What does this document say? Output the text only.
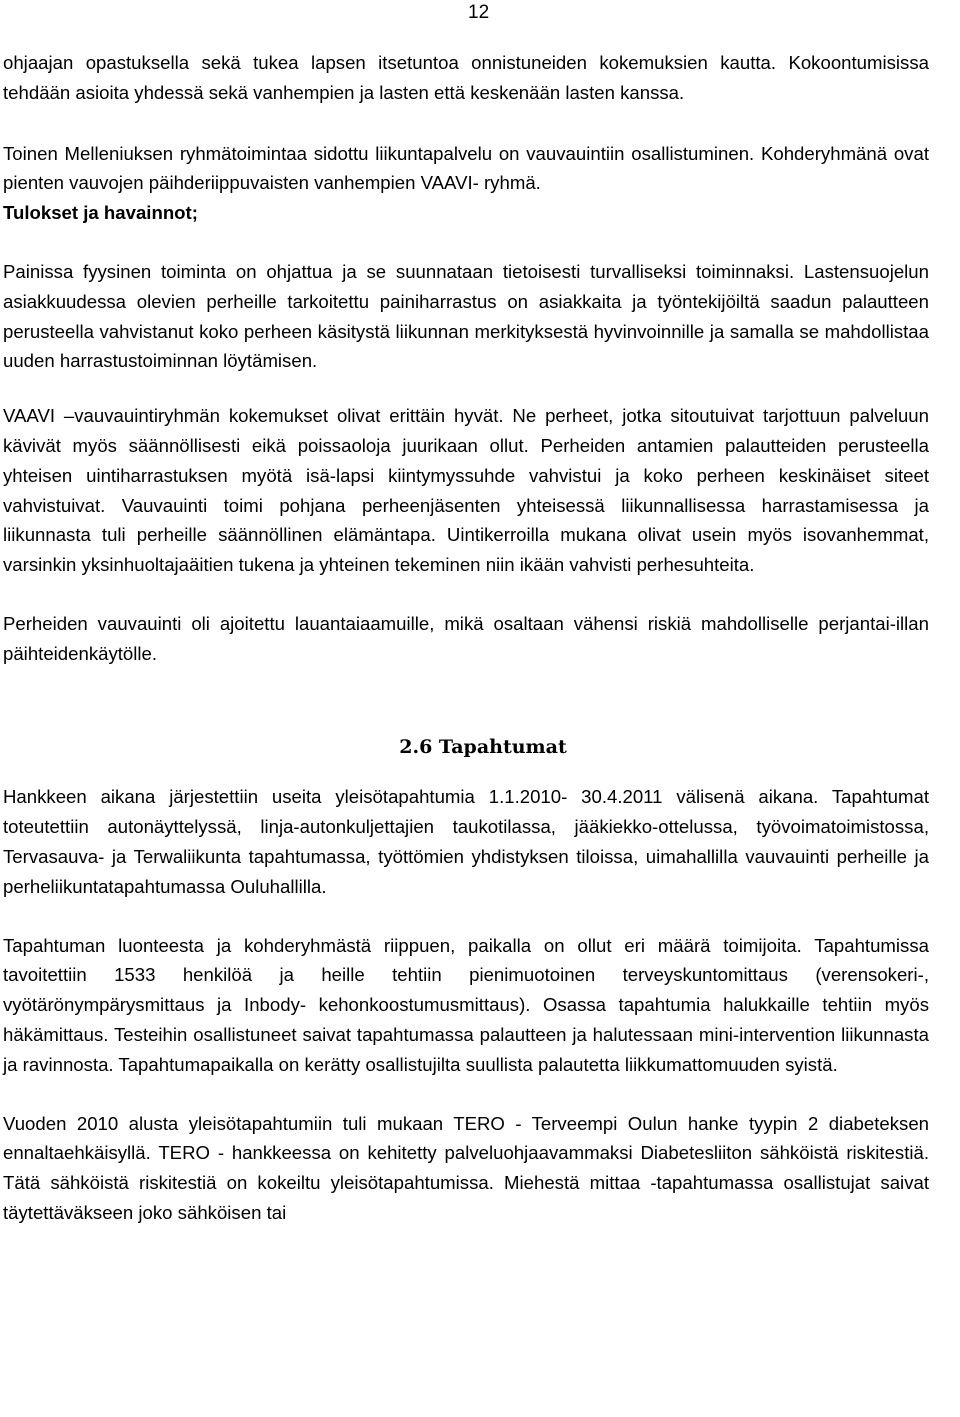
12

ohjaajan opastuksella sekä tukea lapsen itsetuntoa onnistuneiden kokemuksien kautta. Kokoontumisissa tehdään asioita yhdessä sekä vanhempien ja lasten että keskenään lasten kanssa.

Toinen Melleniuksen ryhmätoimintaa sidottu liikuntapalvelu on vauvauintiin osallistuminen. Kohderyhmänä ovat pienten vauvojen päihderiippuvaisten vanhempien VAAVI- ryhmä.

Tulokset ja havainnot;

Painissa fyysinen toiminta on ohjattua ja se suunnataan tietoisesti turvalliseksi toiminnaksi. Lastensuojelun asiakkuudessa olevien perheille tarkoitettu painiharrastus on asiakkaita ja työntekijöiltä saadun palautteen perusteella vahvistanut koko perheen käsitystä liikunnan merkityksestä hyvinvoinnille ja samalla se mahdollistaa uuden harrastustoiminnan löytämisen.

VAAVI –vauvauintiryhmän kokemukset olivat erittäin hyvät. Ne perheet, jotka sitoutuivat tarjottuun palveluun kävivät myös säännöllisesti eikä poissaoloja juurikaan ollut. Perheiden antamien palautteiden perusteella yhteisen uintiharrastuksen myötä isä-lapsi kiintymyssuhde vahvistui ja koko perheen keskinäiset siteet vahvistuivat. Vauvauinti toimi pohjana perheenjäsenten yhteisessä liikunnallisessa harrastamisessa ja liikunnasta tuli perheille säännöllinen elämäntapa. Uintikerroilla mukana olivat usein myös isovanhemmat, varsinkin yksinhuoltajaäitien tukena ja yhteinen tekeminen niin ikään vahvisti perhesuhteita.

Perheiden vauvauinti oli ajoitettu lauantaiaamuille, mikä osaltaan vähensi riskiä mahdolliselle perjantai-illan päihteidenkäytölle.

2.6 Tapahtumat

Hankkeen aikana järjestettiin useita yleisötapahtumia 1.1.2010- 30.4.2011 välisenä aikana. Tapahtumat toteutettiin autonäyttelyssä, linja-autonkuljettajien taukotilassa, jääkiekko-ottelussa, työvoimatoimistossa, Tervasauva- ja Terwaliikunta tapahtumassa, työttömien yhdistyksen tiloissa, uimahallilla vauvauinti perheille ja perheliikuntatapahtumassa Ouluhallilla.

Tapahtuman luonteesta ja kohderyhmästä riippuen, paikalla on ollut eri määrä toimijoita. Tapahtumissa tavoitettiin 1533 henkilöä ja heille tehtiin pienimuotoinen terveyskuntomittaus (verensokeri-, vyötärönympärysmittaus ja Inbody- kehonkoostumusmittaus). Osassa tapahtumia halukkaille tehtiin myös häkämittaus. Testeihin osallistuneet saivat tapahtumassa palautteen ja halutessaan mini-intervention liikunnasta ja ravinnosta. Tapahtumapaikalla on kerätty osallistujilta suullista palautetta liikkumattomuuden syistä.

Vuoden 2010 alusta yleisötapahtumiin tuli mukaan TERO - Terveempi Oulun hanke tyypin 2 diabeteksen ennaltaehkäisyllä. TERO - hankkeessa on kehitetty palveluohjaavammaksi Diabetesliiton sähköistä riskitestiä. Tätä sähköistä riskitestiä on kokeiltu yleisötapahtumissa. Miehestä mittaa -tapahtumassa osallistujat saivat täytettäväkseen joko sähköisen tai
